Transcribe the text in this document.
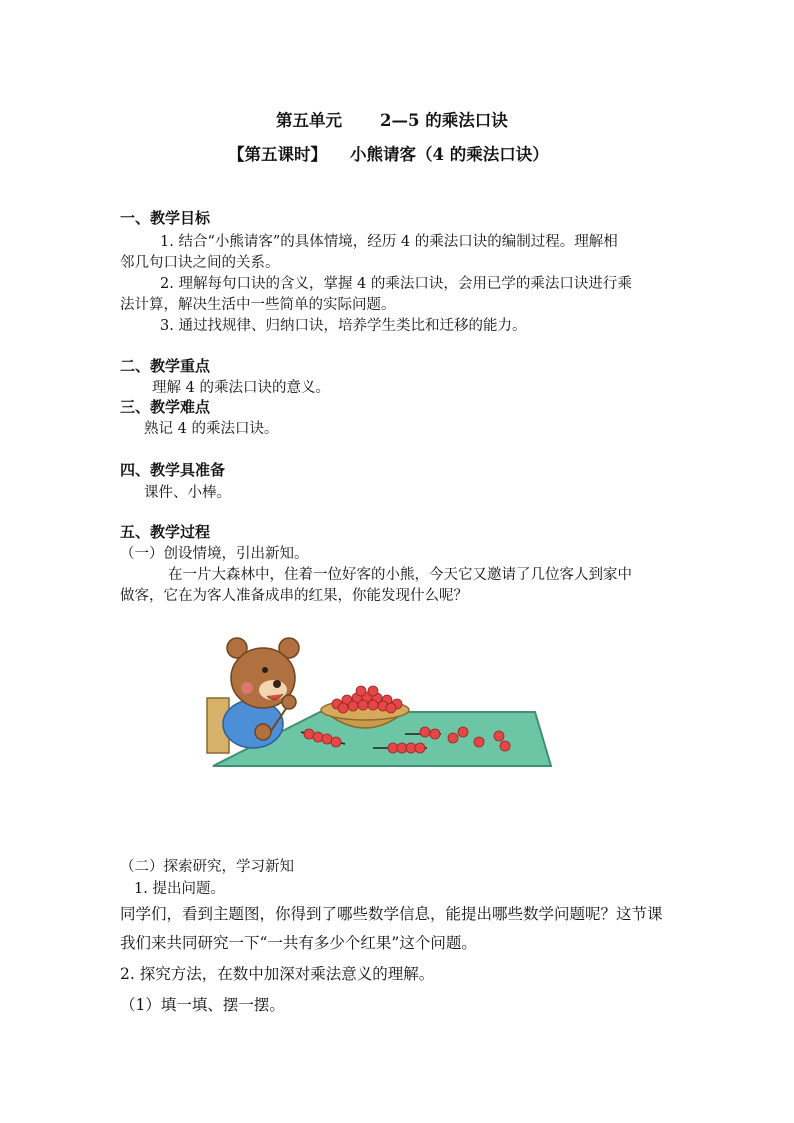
第五单元 2—5 的乘法口诀
【第五课时】 小熊请客（4 的乘法口诀）
一、教学目标
1. 结合“小熊请客”的具体情境，经历 4 的乘法口诀的编制过程。理解相
邻几句口诀之间的关系。
2. 理解每句口诀的含义，掌握 4 的乘法口诀，会用已学的乘法口诀进行乘
法计算，解决生活中一些简单的实际问题。
3. 通过找规律、归纳口诀，培养学生类比和迁移的能力。
二、教学重点
理解 4 的乘法口诀的意义。
三、教学难点
熟记 4 的乘法口诀。
四、教学具准备
课件、小棒。
五、教学过程
（一）创设情境，引出新知。
在一片大森林中，住着一位好客的小熊，今天它又邀请了几位客人到家中
做客，它在为客人准备成串的红果，你能发现什么呢？
（二）探索研究，学习新知
1. 提出问题。
同学们，看到主题图，你得到了哪些数学信息，能提出哪些数学问题呢？这节课
我们来共同研究一下“一共有多少个红果”这个问题。
2. 探究方法，在数中加深对乘法意义的理解。
（1）填一填、摆一摆。
